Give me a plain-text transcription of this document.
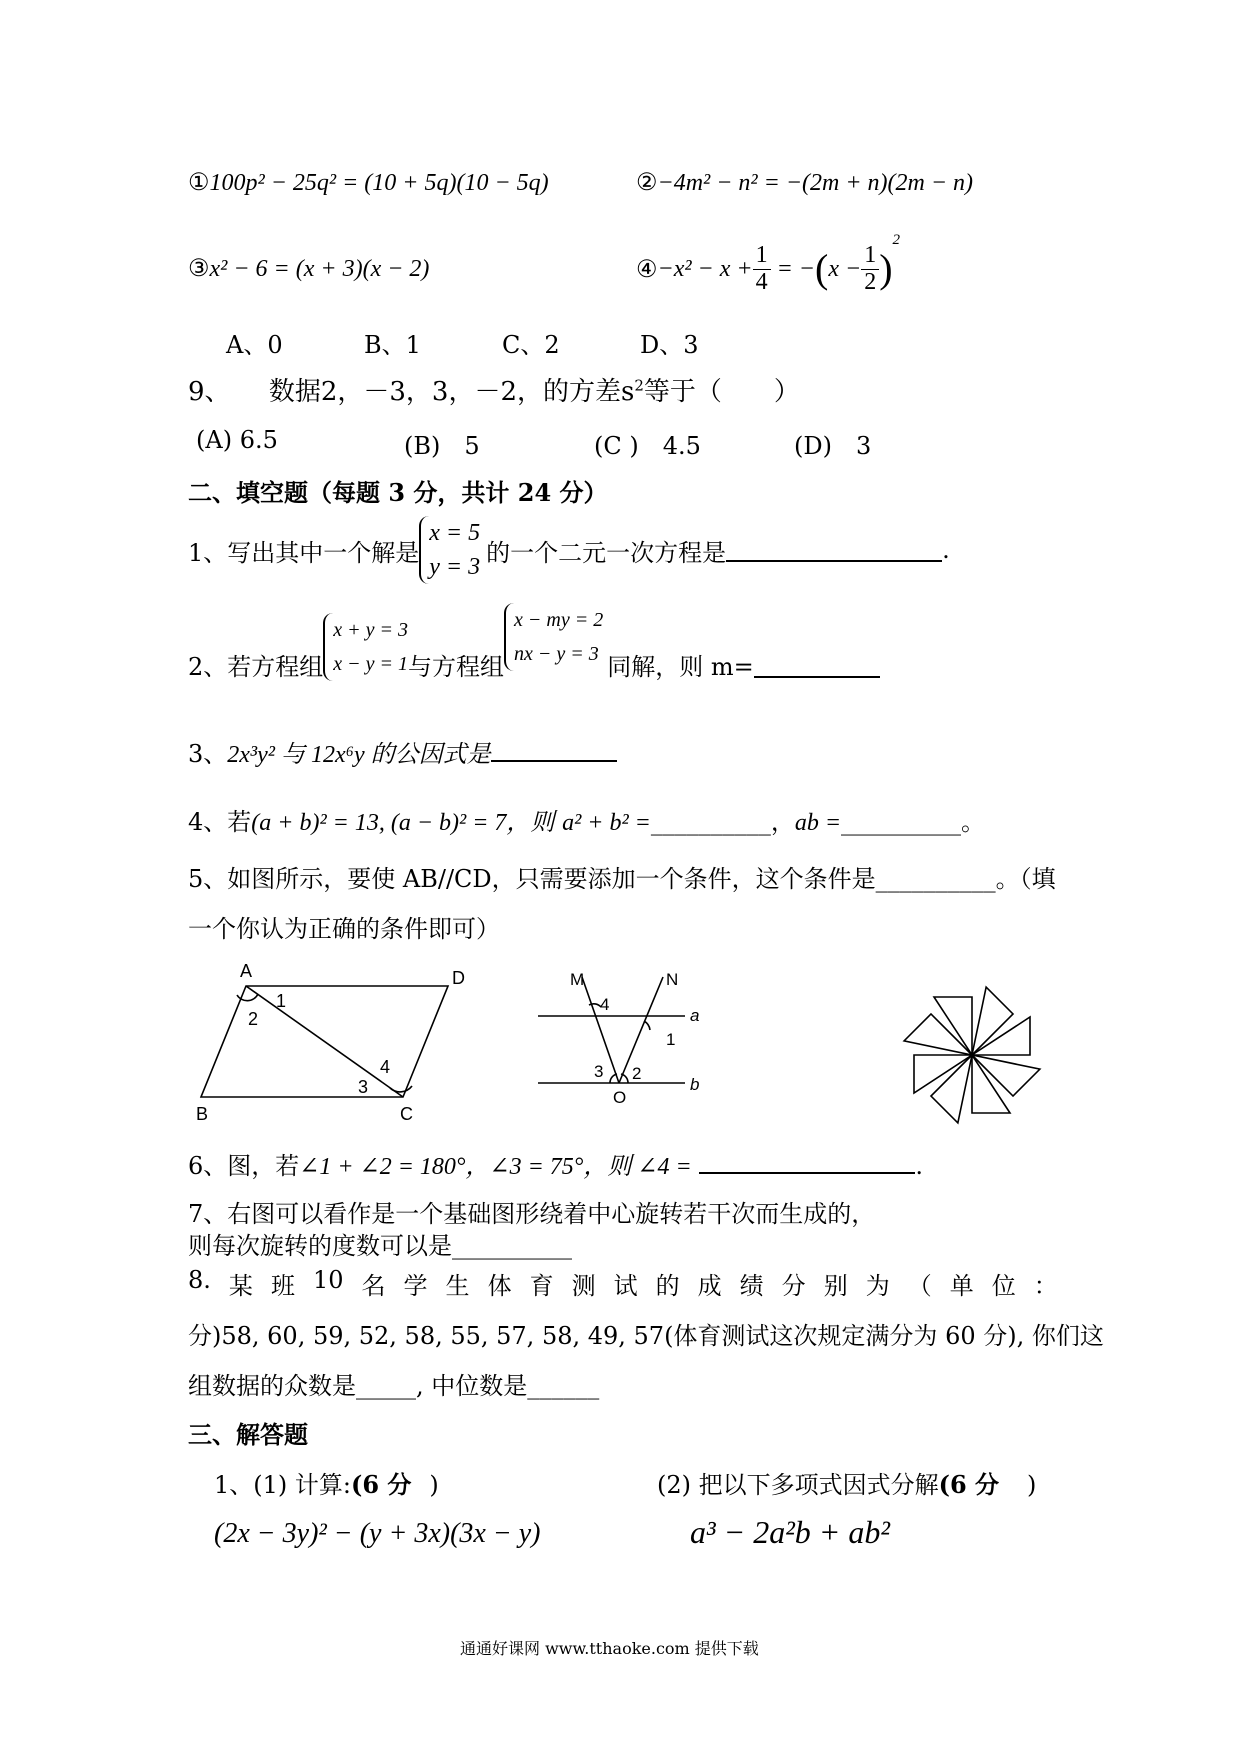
①100p² − 25q² = (10 + 5q)(10 − 5q)	②−4m² − n² = −(2m + n)(2m − n)
③x² − 6 = (x + 3)(x − 2)	④ $-x^2 - x + \frac{1}{4}$ = − ( $x - \frac{1}{2}$ )
2
A、0	B、1	C、2	D、3
9、 数据2，－3，3，－2，的方差$s^2$等于（　　）
(A) 6.5	(B)　5	(C )　4.5	(D)　3
二、填空题（每题 3 分，共计 24 分）
1、写出其中一个解是
x = 5
y = 3
的一个二元一次方程是	.
2、若方程组
x + y = 3
x − y = 1 与方程组
x − my = 2
nx − y = 3 同解，则 m=
3、2x³y² 与 12x⁶y 的公因式是
4、若(a + b)² = 13, (a − b)² = 7，则 a² + b² =__________，ab =__________。
5、如图所示，要使 AB//CD，只需要添加一个条件，这个条件是__________。（填
一个你认为正确的条件即可）
A	D
B	C
1
2
3
4
M	N
a
b
O
4
1
3 2
6、图，若∠1 + ∠2 = 180°，∠3 = 75°，则 ∠4 =	.
7、右图可以看作是一个基础图形绕着中心旋转若干次而生成的，
则每次旋转的度数可以是__________
8. 某 班 10 名 学 生 体 育 测 试 的 成 绩 分 别 为 （ 单 位 ：
分)58, 60, 59, 52, 58, 55, 57, 58, 49, 57(体育测试这次规定满分为 60 分), 你们这
组数据的众数是_____, 中位数是______
三、解答题
1、(1) 计算:(6 分 )	(2) 把以下多项式因式分解(6 分 )
(2x − 3y)² − (y + 3x)(3x − y)	a³ − 2a²b + ab²
通通好课网 www.tthaoke.com 提供下载
